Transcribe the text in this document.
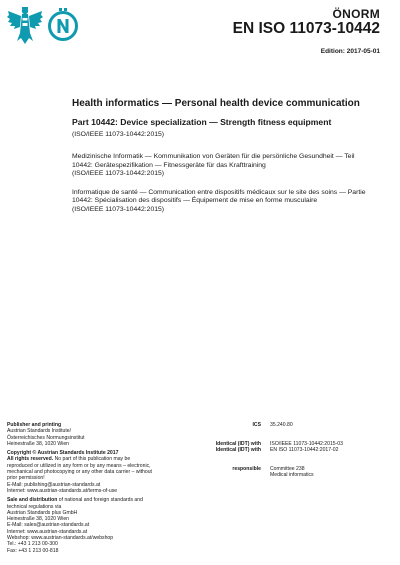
ÖNORM
EN ISO 11073-10442
Edition: 2017-05-01

Health informatics — Personal health device communication

Part 10442: Device specialization — Strength fitness equipment

(ISO/IEEE 11073-10442:2015)

Medizinische Informatik — Kommunikation von Geräten für die persönliche Gesundheit — Teil 10442: Gerätespezifikation — Fitnessgeräte für das Krafttraining

(ISO/IEEE 11073-10442:2015)

Informatique de santé — Communication entre dispositifs médicaux sur le site des soins — Partie 10442: Spécialisation des dispositifs — Équipement de mise en forme musculaire

(ISO/IEEE 11073-10442:2015)

Publisher and printing

Austrian Standards Institute/

Österreichisches Normungsinstitut

Heinestraße 38, 1020 Wien

Copyright © Austrian Standards Institute 2017

All rights reserved. No part of this publication may be reproduced or utilized in any form or by any means – electronic, mechanical and photocopying or any other data carrier – without prior permission!

E-Mail: publishing@austrian-standards.at

Internet: www.austrian-standards.at/terms-of-use

Sale and distribution of national and foreign standards and technical regulations via

Austrian Standards plus GmbH

Heinestraße 38, 1020 Wien

E-Mail: sales@austrian-standards.at

Internet: www.austrian-standards.at

Webshop: www.austrian-standards.at/webshop

Tel.: +43 1 213 00-300

Fax: +43 1 213 00-818

ICS
Identical (IDT) with
Identical (IDT) with
responsible
35.240.80
ISO/IEEE 11073-10442:2015-03
EN ISO 11073-10442:2017-02
Committee 238
Medical informatics
